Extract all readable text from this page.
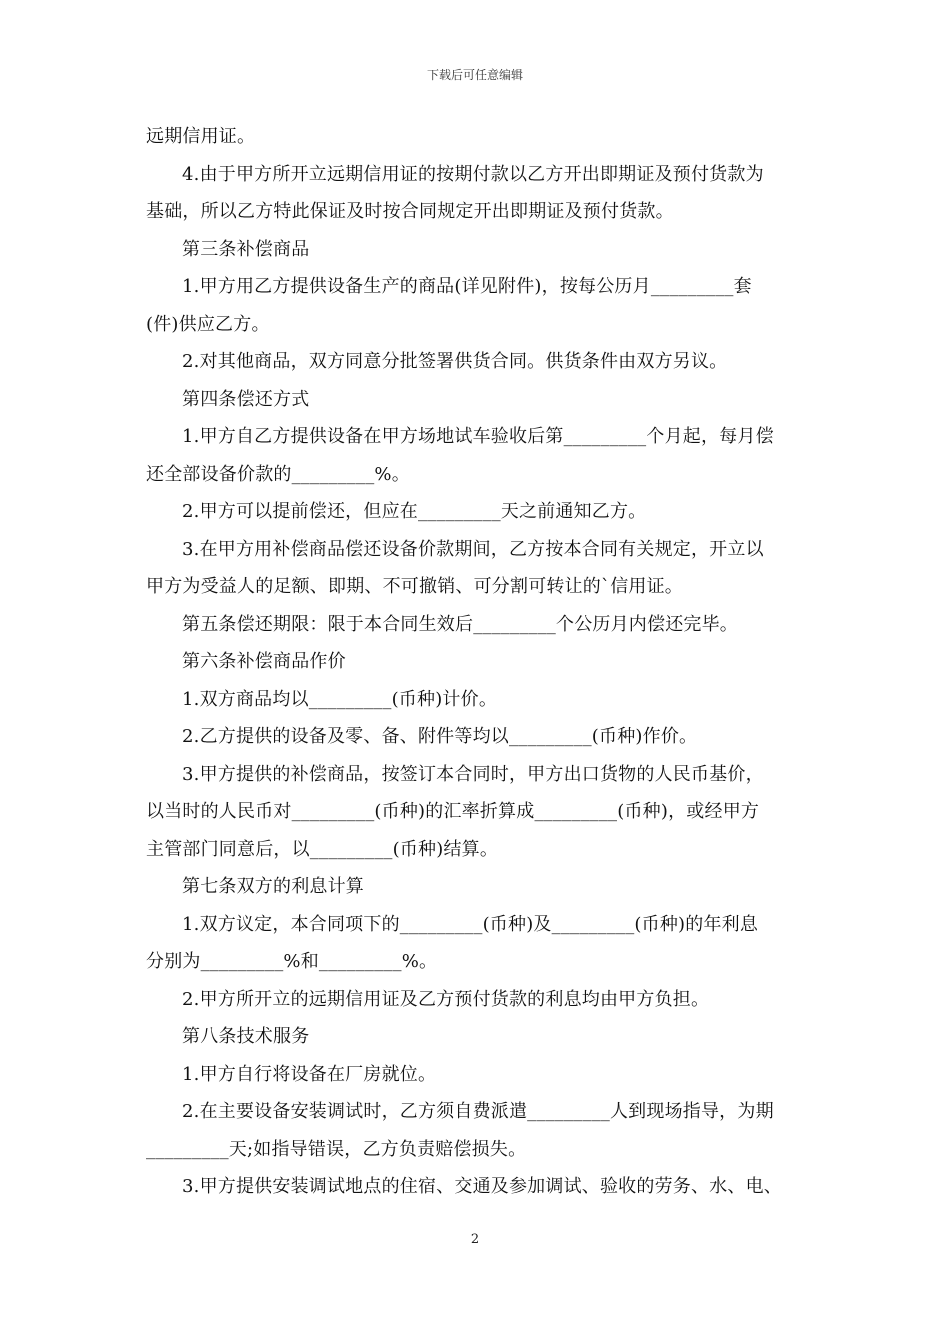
下载后可任意编辑

远期信用证。

4.由于甲方所开立远期信用证的按期付款以乙方开出即期证及预付货款为

基础，所以乙方特此保证及时按合同规定开出即期证及预付货款。

第三条补偿商品

1.甲方用乙方提供设备生产的商品(详见附件)，按每公历月_________套

(件)供应乙方。

2.对其他商品，双方同意分批签署供货合同。供货条件由双方另议。

第四条偿还方式

1.甲方自乙方提供设备在甲方场地试车验收后第_________个月起，每月偿

还全部设备价款的_________%。

2.甲方可以提前偿还，但应在_________天之前通知乙方。

3.在甲方用补偿商品偿还设备价款期间，乙方按本合同有关规定，开立以

甲方为受益人的足额、即期、不可撤销、可分割可转让的`信用证。

第五条偿还期限：限于本合同生效后_________个公历月内偿还完毕。

第六条补偿商品作价

1.双方商品均以_________(币种)计价。

2.乙方提供的设备及零、备、附件等均以_________(币种)作价。

3.甲方提供的补偿商品，按签订本合同时，甲方出口货物的人民币基价，

以当时的人民币对_________(币种)的汇率折算成_________(币种)，或经甲方

主管部门同意后，以_________(币种)结算。

第七条双方的利息计算

1.双方议定，本合同项下的_________(币种)及_________(币种)的年利息

分别为_________%和_________%。

2.甲方所开立的远期信用证及乙方预付货款的利息均由甲方负担。

第八条技术服务

1.甲方自行将设备在厂房就位。

2.在主要设备安装调试时，乙方须自费派遣_________人到现场指导，为期

_________天;如指导错误，乙方负责赔偿损失。

3.甲方提供安装调试地点的住宿、交通及参加调试、验收的劳务、水、电、

2
